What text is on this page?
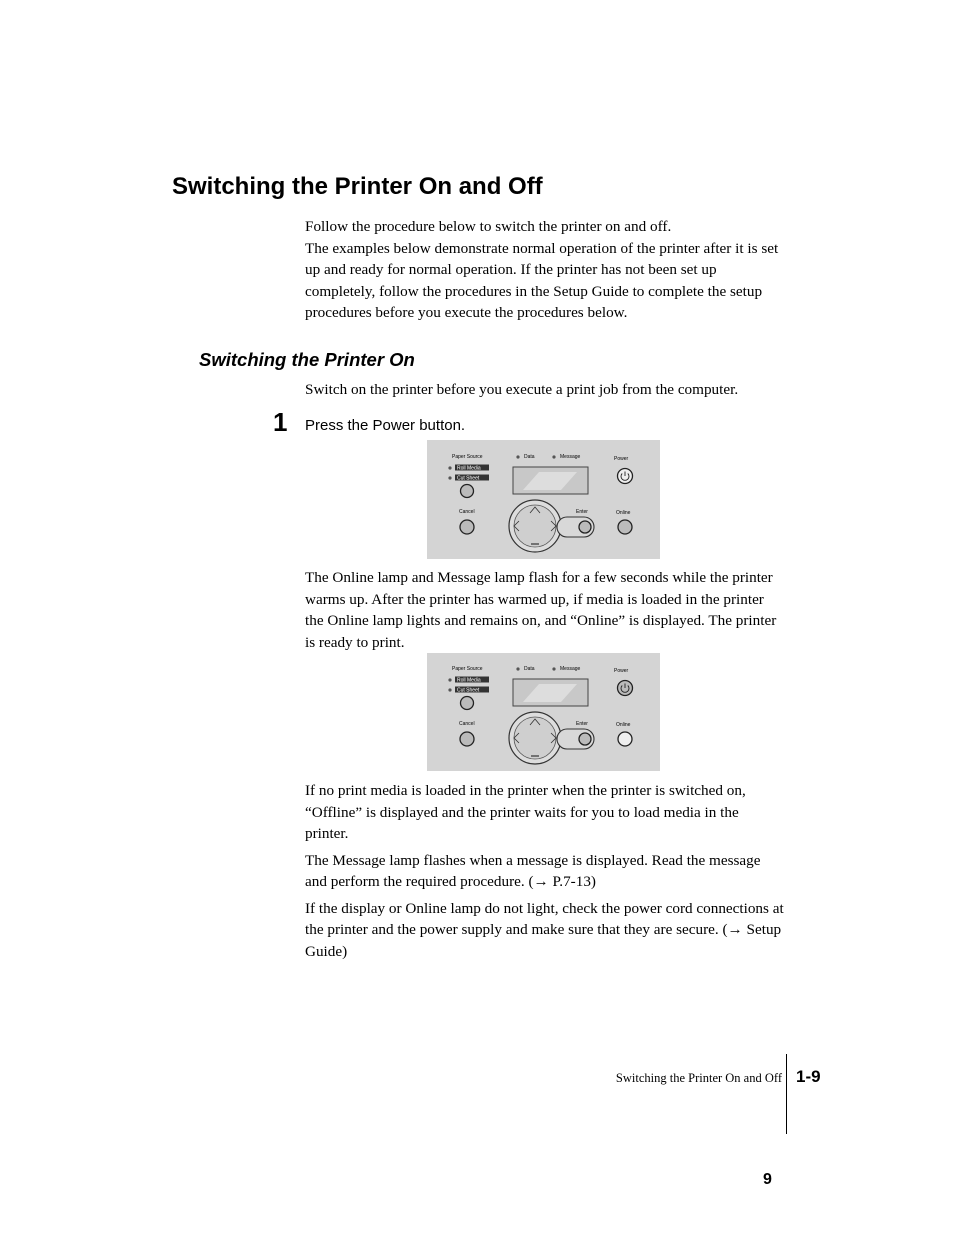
Switching the Printer On and Off

Follow the procedure below to switch the printer on and off.

The examples below demonstrate normal operation of the printer after it is set up and ready for normal operation. If the printer has not been set up completely, follow the procedures in the Setup Guide to complete the setup procedures before you execute the procedures below.

Switching the Printer On

Switch on the printer before you execute a print job from the computer.

1 Press the Power button.
Paper Source
Roll Media
Cut Sheet
Data	Message	Power
Cancel	Enter	Online

The Online lamp and Message lamp flash for a few seconds while the printer warms up. After the printer has warmed up, if media is loaded in the printer the Online lamp lights and remains on, and “Online” is displayed. The printer is ready to print.

Paper Source
Roll Media
Cut Sheet
Data	Message	Power
Cancel	Enter	Online

If no print media is loaded in the printer when the printer is switched on, “Offline” is displayed and the printer waits for you to load media in the printer.

The Message lamp flashes when a message is displayed. Read the message and perform the required procedure. (→ P.7-13)

If the display or Online lamp do not light, check the power cord connections at the printer and the power supply and make sure that they are secure. (→ Setup Guide)

Switching the Printer On and Off 1-9
9
